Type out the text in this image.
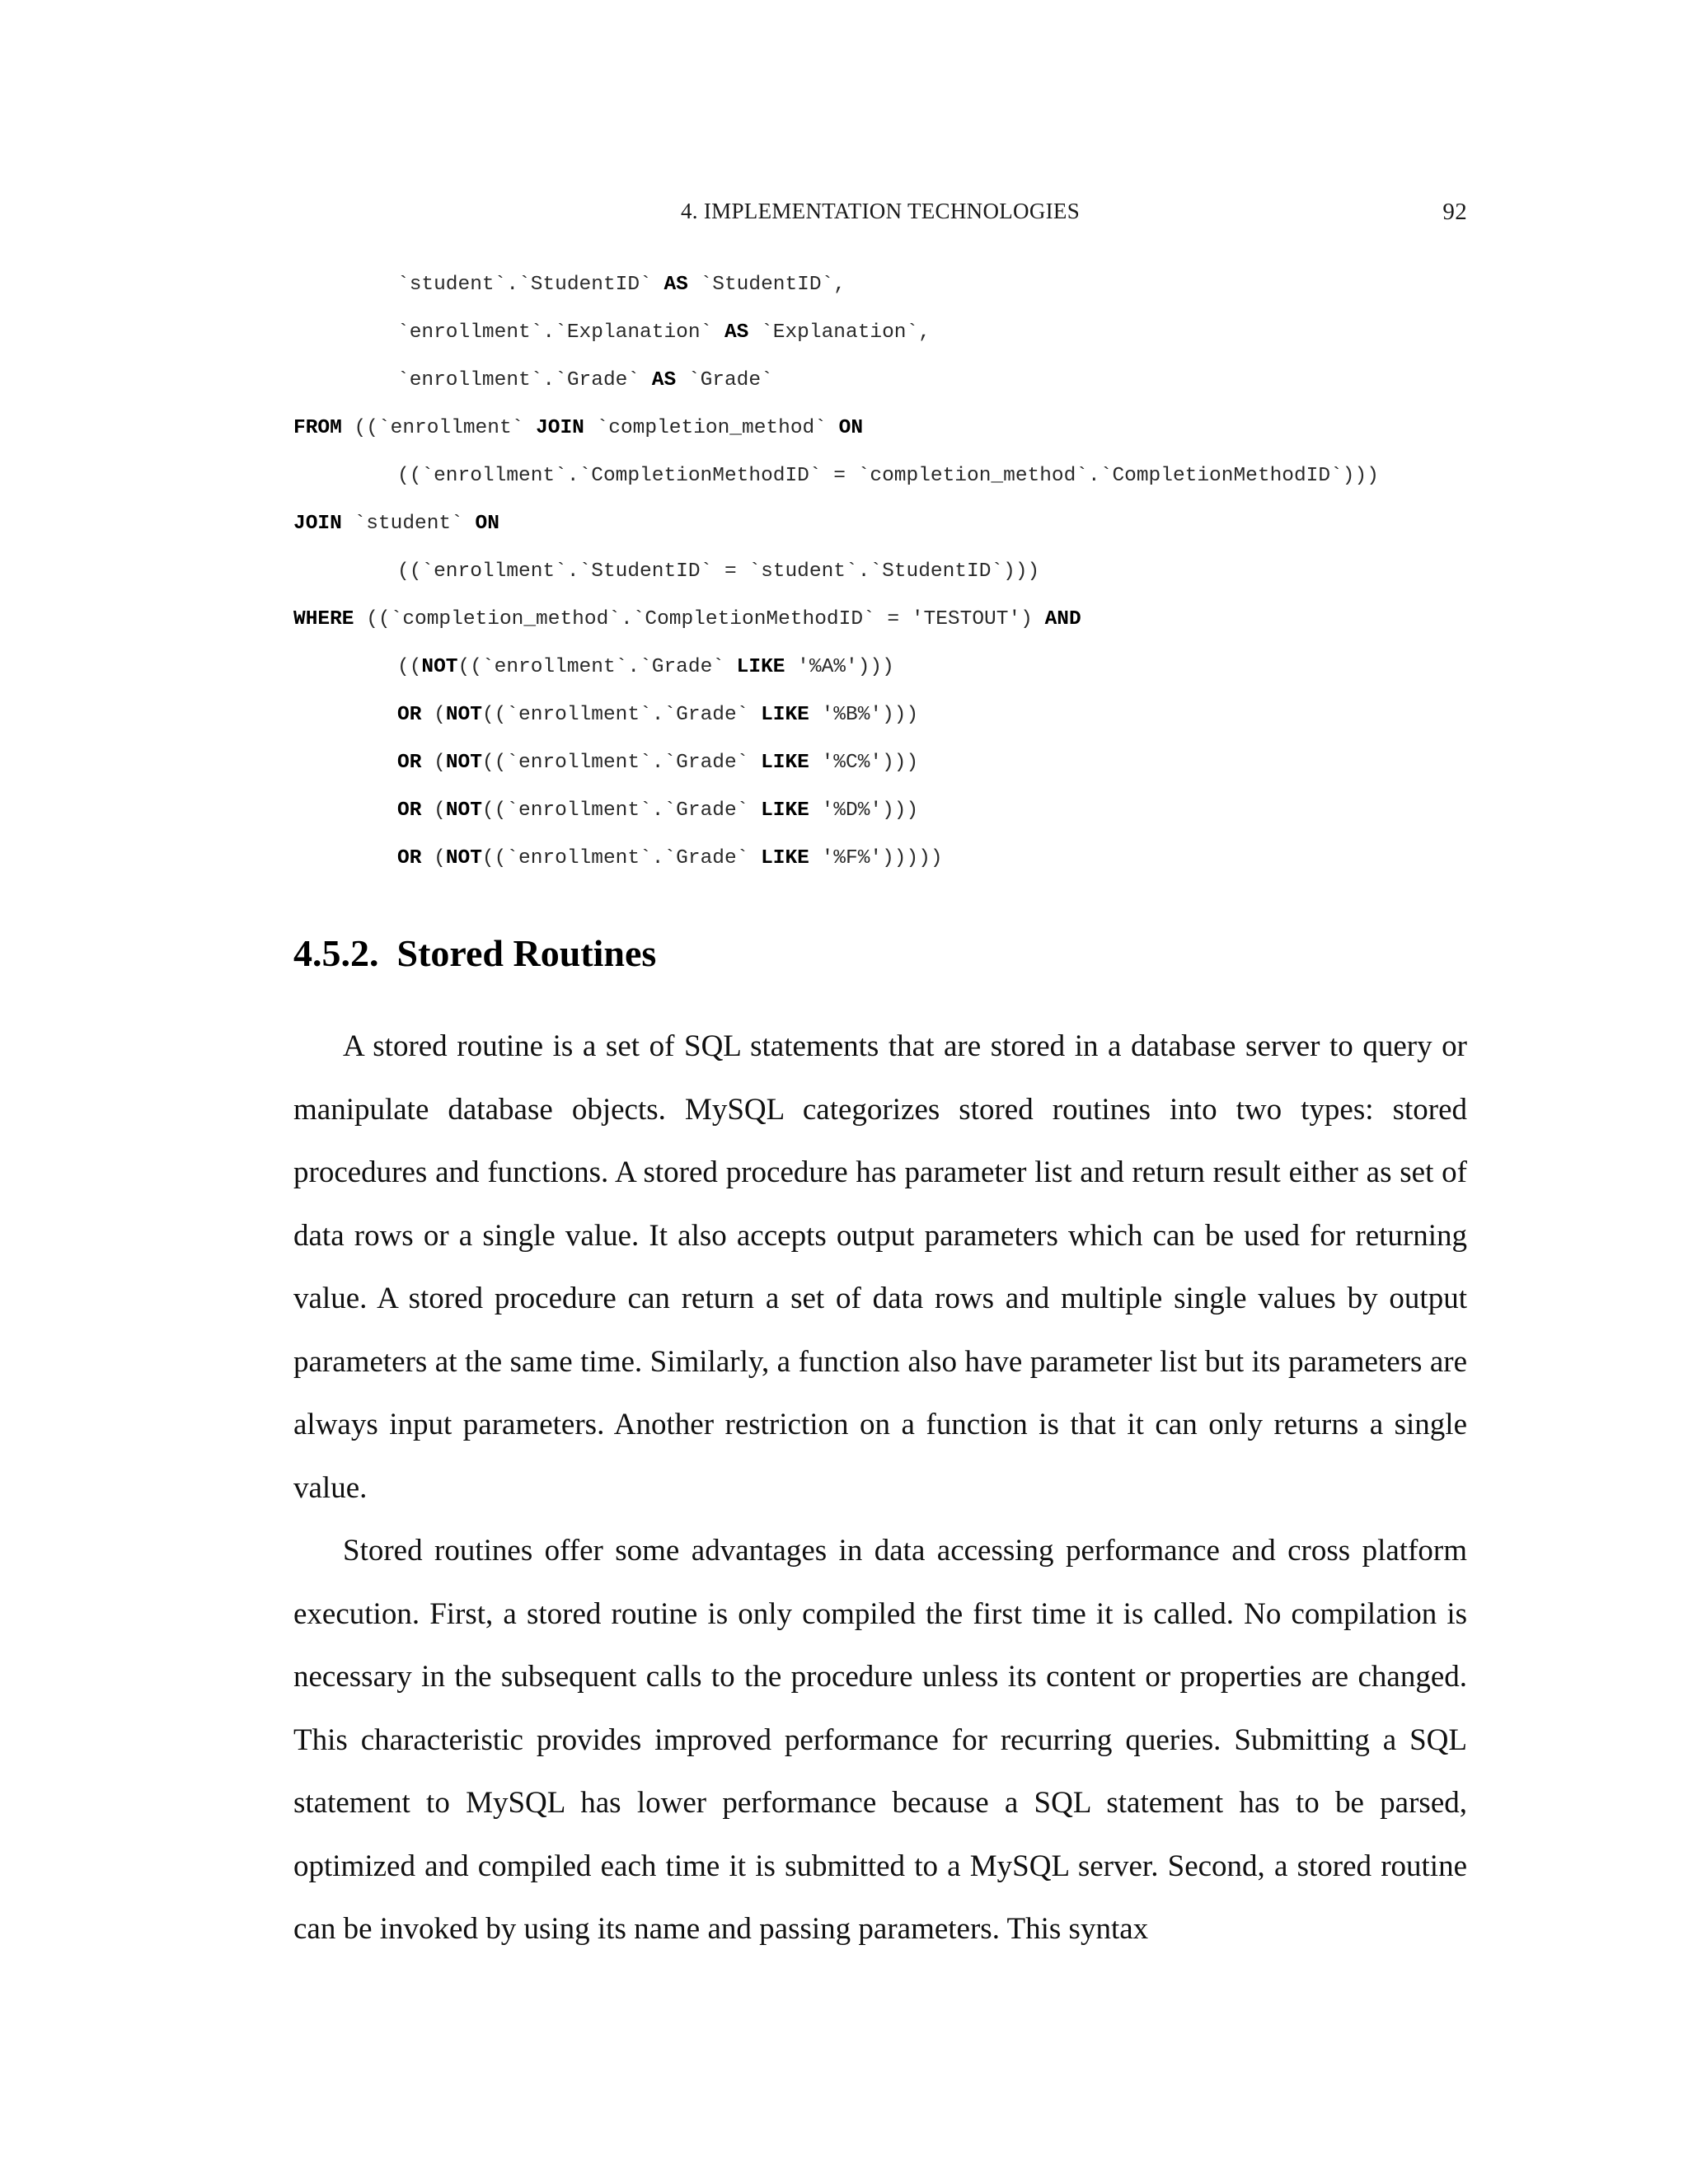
4. IMPLEMENTATION TECHNOLOGIES	92
`student`.`StudentID` AS `StudentID`,
`enrollment`.`Explanation` AS `Explanation`,
`enrollment`.`Grade` AS `Grade`
FROM ((`enrollment` JOIN `completion_method` ON
((`enrollment`.`CompletionMethodID` = `completion_method`.`CompletionMethodID`)))
JOIN `student` ON
((`enrollment`.`StudentID` = `student`.`StudentID`)))
WHERE ((`completion_method`.`CompletionMethodID` = 'TESTOUT') AND
((NOT((`enrollment`.`Grade` LIKE '%A%')))
OR (NOT((`enrollment`.`Grade` LIKE '%B%')))
OR (NOT((`enrollment`.`Grade` LIKE '%C%')))
OR (NOT((`enrollment`.`Grade` LIKE '%D%')))
OR (NOT((`enrollment`.`Grade` LIKE '%F%')))))
4.5.2. Stored Routines

A stored routine is a set of SQL statements that are stored in a database server to query or manipulate database objects. MySQL categorizes stored routines into two types: stored procedures and functions. A stored procedure has parameter list and return result either as set of data rows or a single value. It also accepts output parameters which can be used for returning value. A stored procedure can return a set of data rows and multiple single values by output parameters at the same time. Similarly, a function also have parameter list but its parameters are always input parameters. Another restriction on a function is that it can only returns a single value.

Stored routines offer some advantages in data accessing performance and cross platform execution. First, a stored routine is only compiled the first time it is called. No compilation is necessary in the subsequent calls to the procedure unless its content or properties are changed. This characteristic provides improved performance for recurring queries. Submitting a SQL statement to MySQL has lower performance because a SQL statement has to be parsed, optimized and compiled each time it is submitted to a MySQL server. Second, a stored routine can be invoked by using its name and passing parameters. This syntax
